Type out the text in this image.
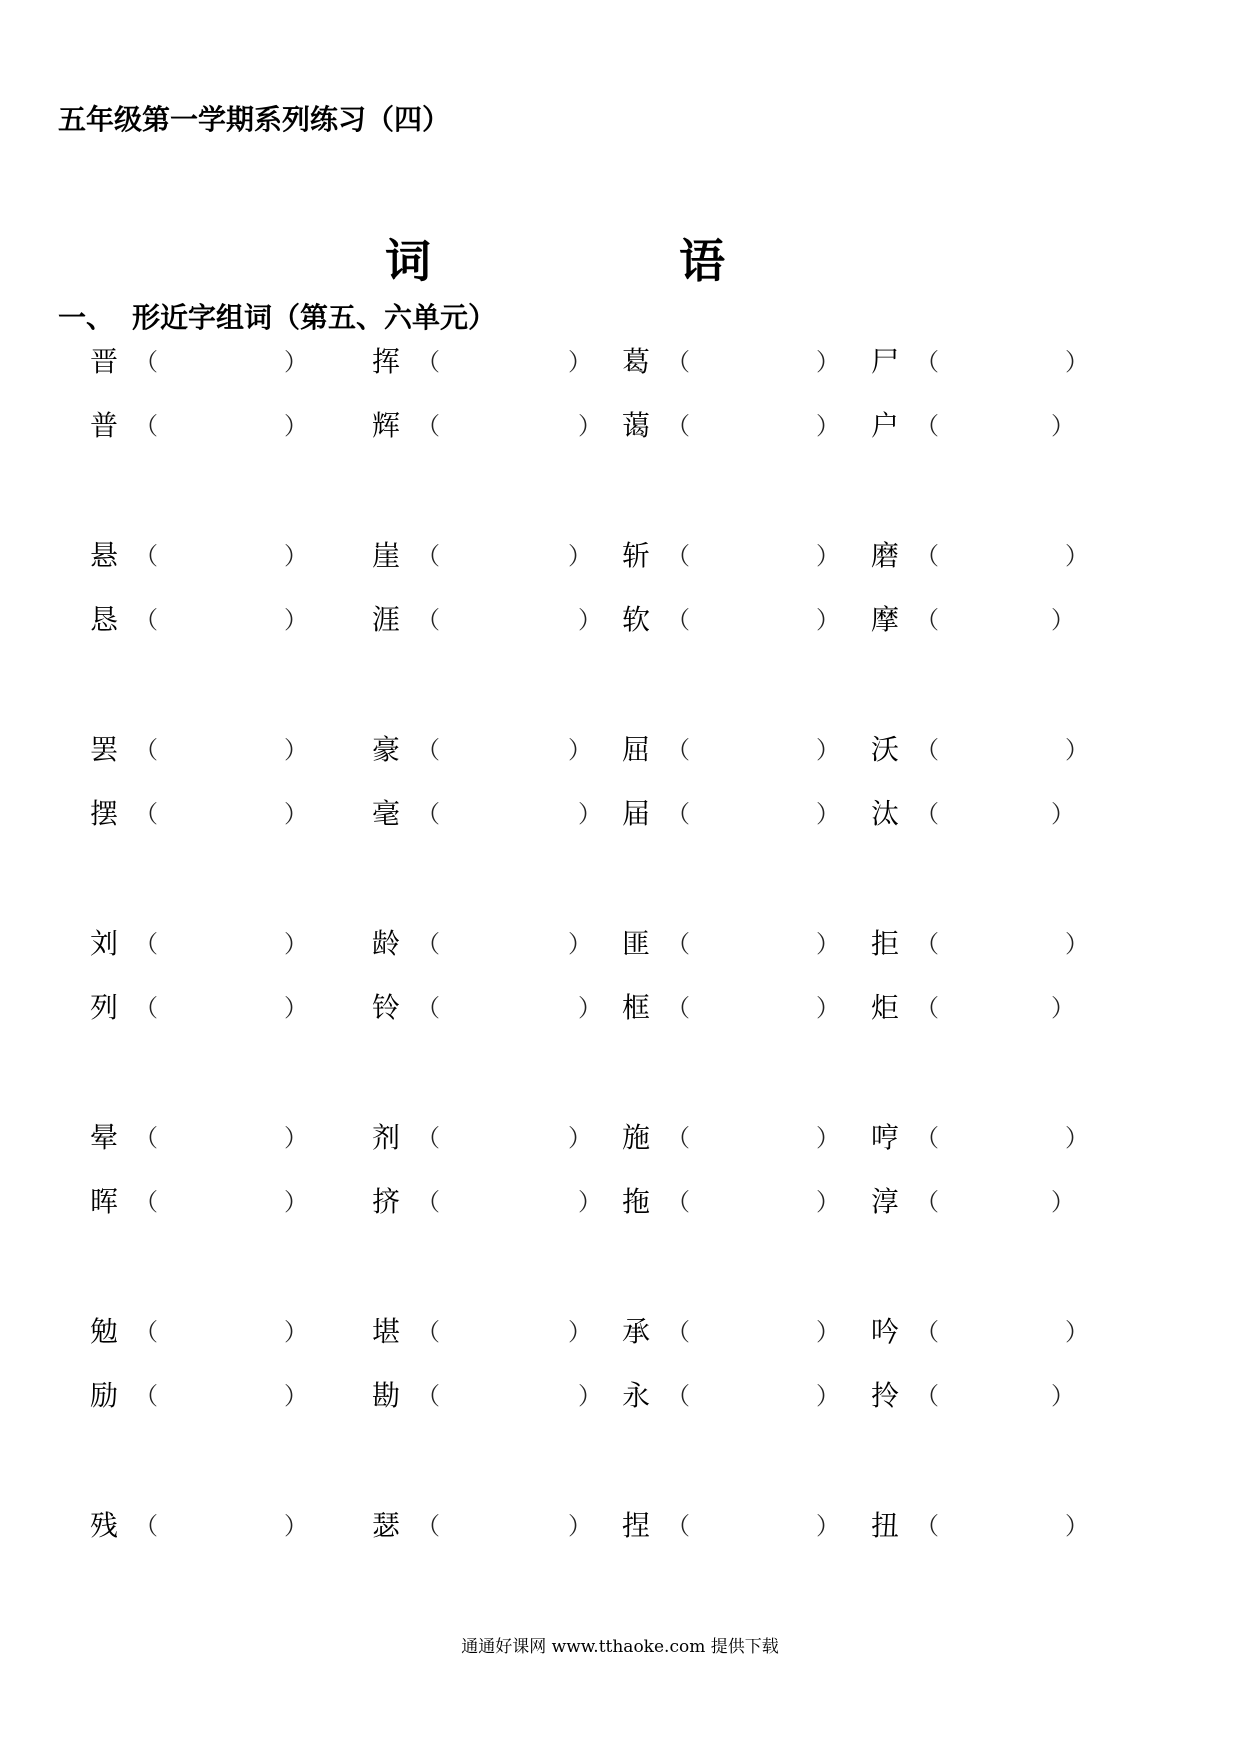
五年级第一学期系列练习（四）
词	语
一、 形近字组词（第五、六单元）
晋 （	） 挥 （	） 葛 （	） 尸 （	）
普 （	） 辉 （	） 蔼 （	） 户 （	）
悬 （	） 崖 （	） 斩 （	） 磨 （	）
恳 （	） 涯 （	） 软 （	） 摩 （	）
罢 （	） 豪 （	） 屈 （	） 沃 （	）
摆 （	） 毫 （	） 届 （	） 汰 （	）
刘 （	） 龄 （	） 匪 （	） 拒 （	）
列 （	） 铃 （	） 框 （	） 炬 （	）
晕 （	） 剂 （	） 施 （	） 哼 （	）
晖 （	） 挤 （	） 拖 （	） 淳 （	）
勉 （	） 堪 （	） 承 （	） 吟 （	）
励 （	） 勘 （	） 永 （	） 拎 （	）
残 （	） 瑟 （	） 捏 （	） 扭 （	）
通通好课网 www.tthaoke.com 提供下载
